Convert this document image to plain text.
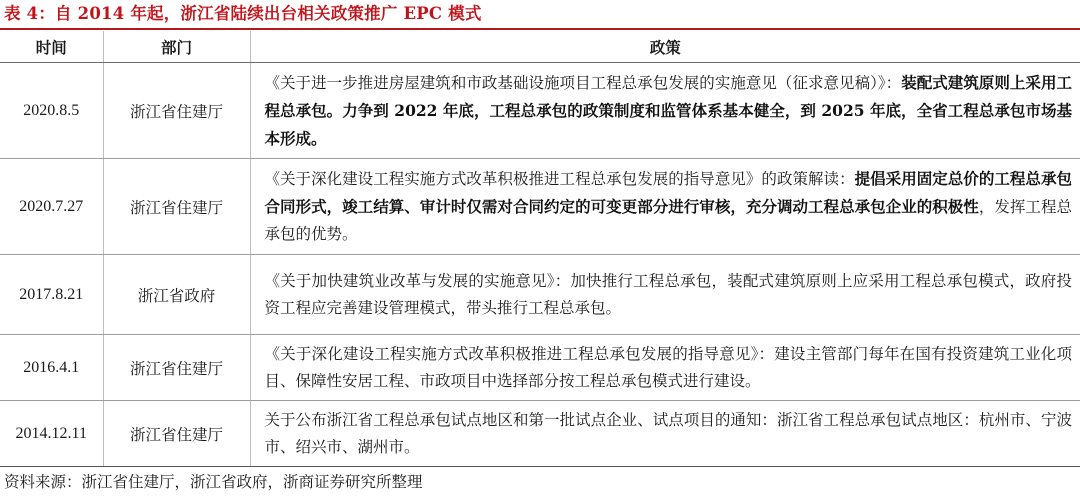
表 4：自 2014 年起，浙江省陆续出台相关政策推广 EPC 模式
时间	部门	政策
2020.8.5	浙江省住建厅	《关于进一步推进房屋建筑和市政基础设施项目工程总承包发展的实施意见（征求意见稿）》：装配式建筑原则上采用工程总承包。力争到 2022 年底，工程总承包的政策制度和监管体系基本健全，到 2025 年底，全省工程总承包市场基本形成。
2020.7.27	浙江省住建厅	《关于深化建设工程实施方式改革积极推进工程总承包发展的指导意见》的政策解读：提倡采用固定总价的工程总承包合同形式，竣工结算、审计时仅需对合同约定的可变更部分进行审核，充分调动工程总承包企业的积极性，发挥工程总承包的优势。
2017.8.21	浙江省政府	《关于加快建筑业改革与发展的实施意见》：加快推行工程总承包，装配式建筑原则上应采用工程总承包模式，政府投资工程应完善建设管理模式，带头推行工程总承包。
2016.4.1	浙江省住建厅	《关于深化建设工程实施方式改革积极推进工程总承包发展的指导意见》：建设主管部门每年在国有投资建筑工业化项目、保障性安居工程、市政项目中选择部分按工程总承包模式进行建设。
2014.12.11	浙江省住建厅	关于公布浙江省工程总承包试点地区和第一批试点企业、试点项目的通知：浙江省工程总承包试点地区：杭州市、宁波市、绍兴市、湖州市。
资料来源：浙江省住建厅，浙江省政府，浙商证券研究所整理
